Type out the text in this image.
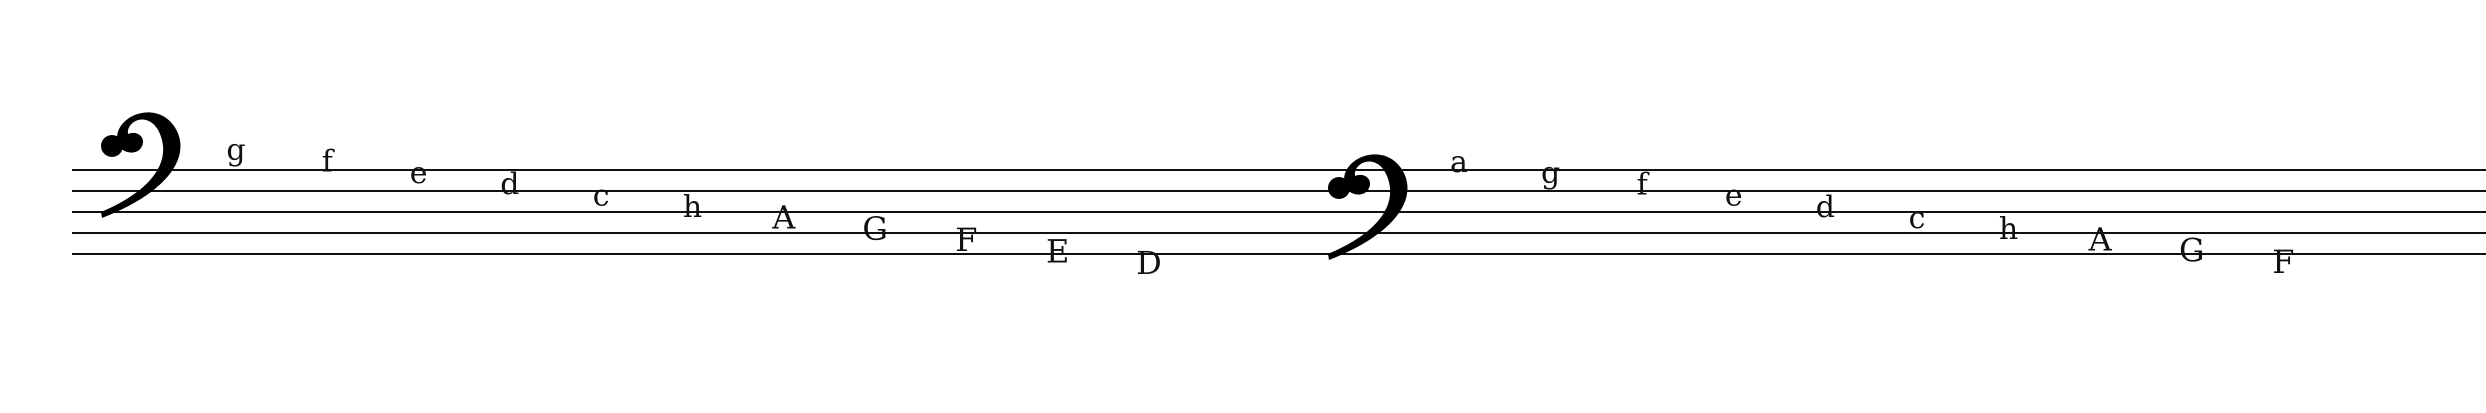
g	f	e d c h A G F E D
a g	f	e d c h A G F
